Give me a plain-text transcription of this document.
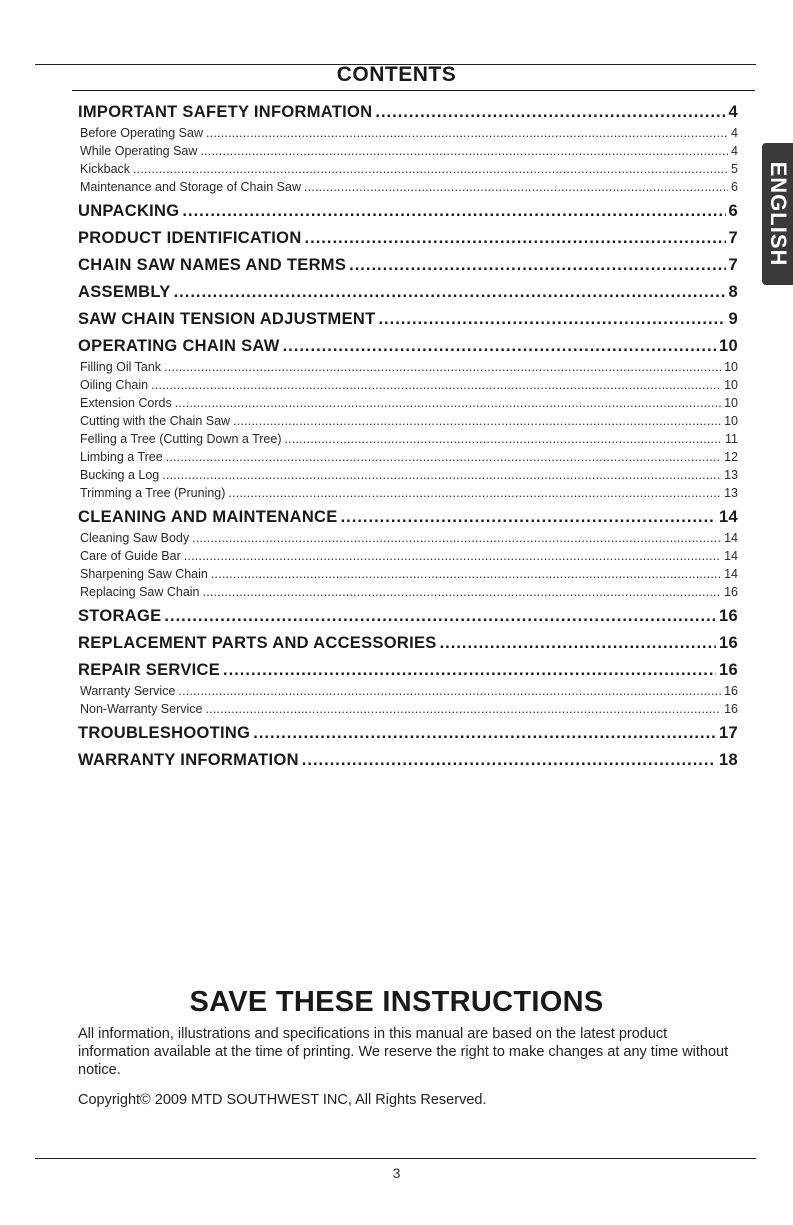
CONTENTS
IMPORTANT SAFETY INFORMATION .....	4
Before Operating Saw .....	4
While Operating Saw .....	4
Kickback .....	5
Maintenance and Storage of Chain Saw .....	6
UNPACKING .....	6
PRODUCT IDENTIFICATION .....	7
CHAIN SAW NAMES AND TERMS .....	7
ASSEMBLY .....	8
SAW CHAIN TENSION ADJUSTMENT .....	9
OPERATING CHAIN SAW .....	10
Filling Oil Tank .....	10
Oiling Chain .....	10
Extension Cords .....	10
Cutting with the Chain Saw .....	10
Felling a Tree (Cutting Down a Tree) .....	11
Limbing a Tree .....	12
Bucking a Log .....	13
Trimming a Tree (Pruning) .....	13
CLEANING AND MAINTENANCE .....	14
Cleaning Saw Body .....	14
Care of Guide Bar .....	14
Sharpening Saw Chain .....	14
Replacing Saw Chain .....	16
STORAGE .....	16
REPLACEMENT PARTS AND ACCESSORIES .....	16
REPAIR SERVICE .....	16
Warranty Service .....	16
Non-Warranty Service .....	16
TROUBLESHOOTING .....	17
WARRANTY INFORMATION .....	18
ENGLISH
SAVE THESE INSTRUCTIONS
All information, illustrations and specifications in this manual are based on the latest product information available at the time of printing. We reserve the right to make changes at any time without notice.
Copyright© 2009 MTD SOUTHWEST INC, All Rights Reserved.
3
